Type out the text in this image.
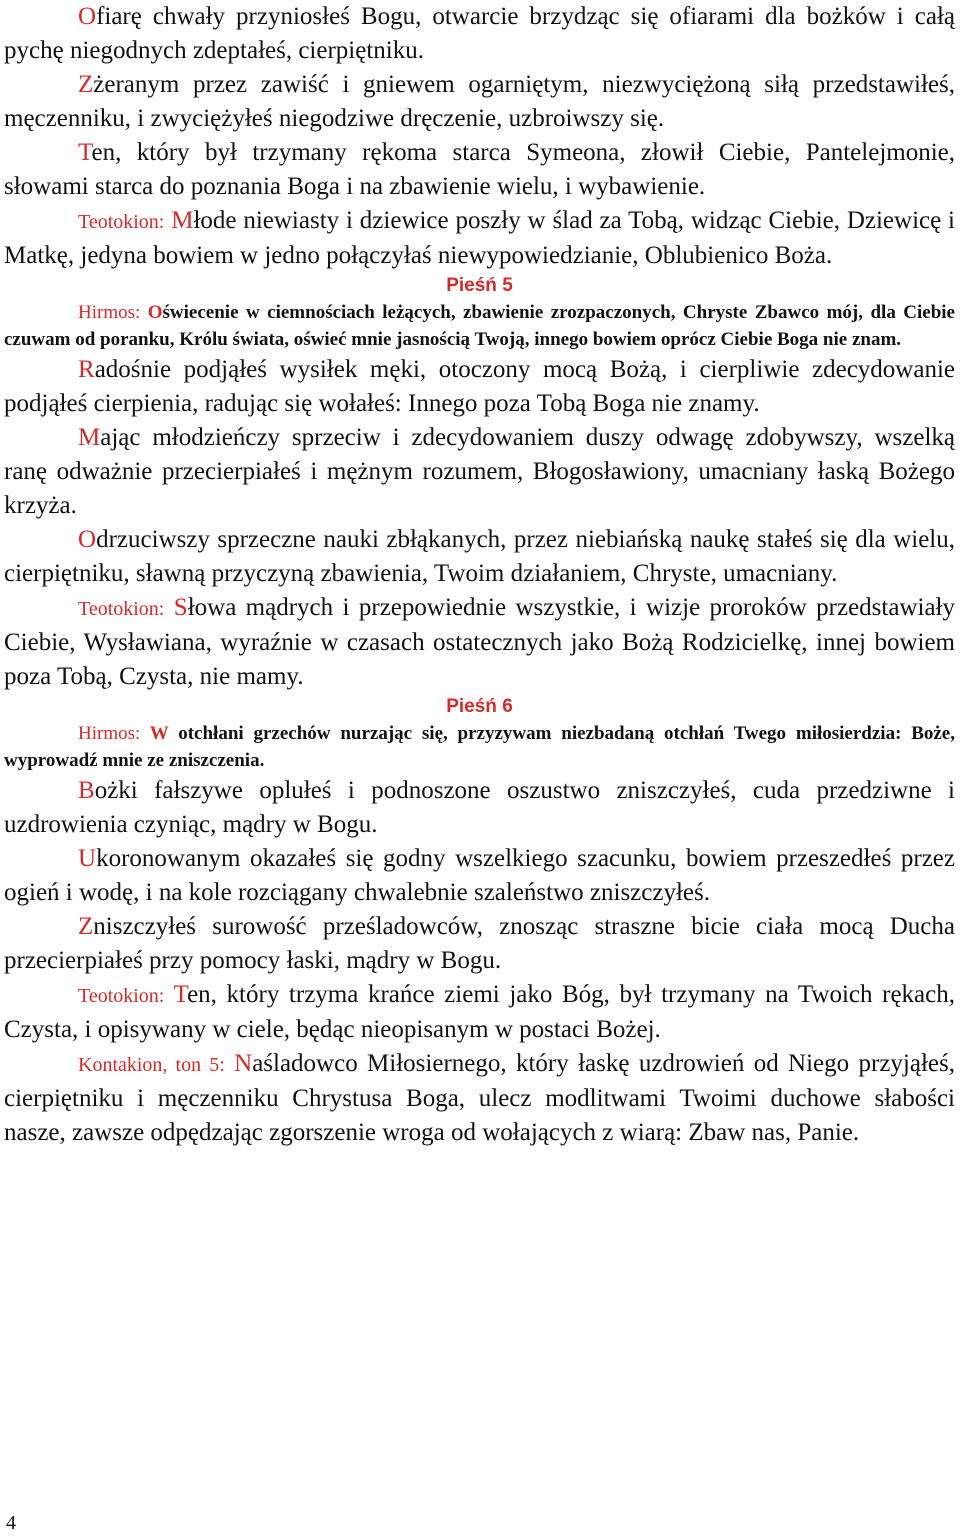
Ofiarę chwały przyniosłeś Bogu, otwarcie brzydząc się ofiarami dla bożków i całą pychę niegodnych zdeptałeś, cierpiętniku.

Zżeranym przez zawiść i gniewem ogarniętym, niezwyciężoną siłą przedstawiłeś, męczenniku, i zwyciężyłeś niegodziwe dręczenie, uzbroiwszy się.

Ten, który był trzymany rękoma starca Symeona, złowił Ciebie, Pantelejmonie, słowami starca do poznania Boga i na zbawienie wielu, i wybawienie.

Teotokion: Młode niewiasty i dziewice poszły w ślad za Tobą, widząc Ciebie, Dziewicę i Matkę, jedyna bowiem w jedno połączyłaś niewypowiedzianie, Oblubienico Boża.

Pieśń 5

Hirmos: Oświecenie w ciemnościach leżących, zbawienie zrozpaczonych, Chryste Zbawco mój, dla Ciebie czuwam od poranku, Królu świata, oświeć mnie jasnością Twoją, innego bowiem oprócz Ciebie Boga nie znam.

Radośnie podjąłeś wysiłek męki, otoczony mocą Bożą, i cierpliwie zdecydowanie podjąłeś cierpienia, radując się wołałeś: Innego poza Tobą Boga nie znamy.

Mając młodzieńczy sprzeciw i zdecydowaniem duszy odwagę zdobywszy, wszelką ranę odważnie przecierpiałeś i mężnym rozumem, Błogosławiony, umacniany łaską Bożego krzyża.

Odrzuciwszy sprzeczne nauki zbłąkanych, przez niebiańską naukę stałeś się dla wielu, cierpiętniku, sławną przyczyną zbawienia, Twoim działaniem, Chryste, umacniany.

Teotokion: Słowa mądrych i przepowiednie wszystkie, i wizje proroków przedstawiały Ciebie, Wysławiana, wyraźnie w czasach ostatecznych jako Bożą Rodzicielkę, innej bowiem poza Tobą, Czysta, nie mamy.

Pieśń 6

Hirmos: W otchłani grzechów nurzając się, przyzywam niezbadaną otchłań Twego miłosierdzia: Boże, wyprowadź mnie ze zniszczenia.

Bożki fałszywe oplułeś i podnoszone oszustwo zniszczyłeś, cuda przedziwne i uzdrowienia czyniąc, mądry w Bogu.

Ukoronowanym okazałeś się godny wszelkiego szacunku, bowiem przeszedłeś przez ogień i wodę, i na kole rozciągany chwalebnie szaleństwo zniszczyłeś.

Zniszczyłeś surowość prześladowców, znosząc straszne bicie ciała mocą Ducha przecierpiałeś przy pomocy łaski, mądry w Bogu.

Teotokion: Ten, który trzyma krańce ziemi jako Bóg, był trzymany na Twoich rękach, Czysta, i opisywany w ciele, będąc nieopisanym w postaci Bożej.

Kontakion, ton 5: Naśladowco Miłosiernego, który łaskę uzdrowień od Niego przyjąłeś, cierpiętniku i męczenniku Chrystusa Boga, ulecz modlitwami Twoimi duchowe słabości nasze, zawsze odpędzając zgorszenie wroga od wołających z wiarą: Zbaw nas, Panie.

4
